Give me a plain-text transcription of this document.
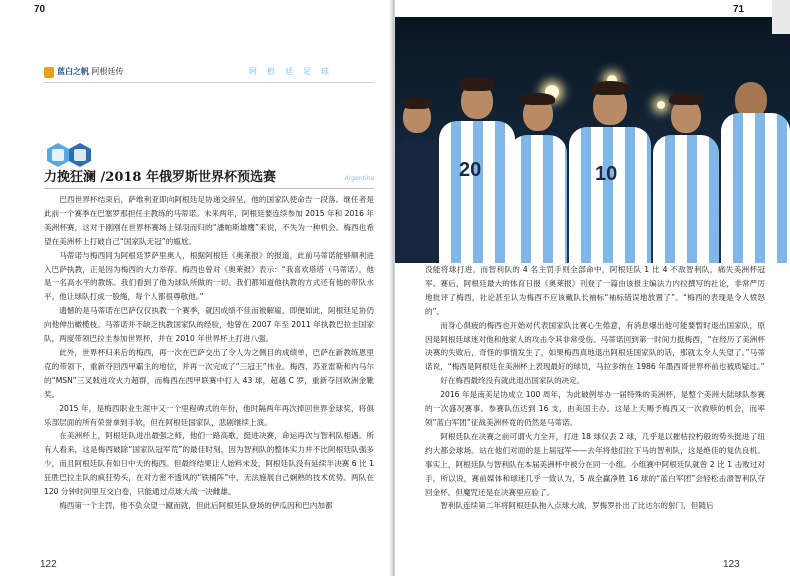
70
蓝白之帆 阿根廷传	阿根廷足球
力挽狂澜 /2018 年俄罗斯世界杯预选赛	Argentina

巴西世界杯结束后，萨维利亚即向阿根廷足协递交辞呈，他的国家队使命告一段落。继任者是此前一个赛季在巴塞罗那担任主教练的马蒂诺。未来两年，阿根廷要连续参加 2015 年和 2016 年美洲杯赛，这对于刚刚在世界杯赛场上铩羽而归的“潘帕斯雄鹰”来说，不失为一种机会。梅西也希望在美洲杯上打破自己“国家队无冠”的尴尬。

马蒂诺与梅西同为阿根廷罗萨里奥人，根据阿根廷《奥莱报》的报道，此前马蒂诺能够顺利进入巴萨执教，正是因为梅西的大力举荐。梅西也曾对《奥莱报》表示：“我喜欢塔塔（马蒂诺），他是一名高水平的教练。我们看到了他为球队所做的一切。我们都知道他执教的方式还有他的带队水平。他让球队打成一股绳，每个人都很尊敬他。”

遗憾的是马蒂诺在巴萨仅仅执教一个赛季，就因成绩不佳而被解雇，即便如此，阿根廷足协仍向他伸出橄榄枝。马蒂诺并不缺乏执教国家队的经验，他曾在 2007 年至 2011 年执教巴拉圭国家队，两度带领巴拉圭参加世界杯，并在 2010 年世界杯上打进八强。

此外，世界杯归来后的梅西，再一次在巴萨交出了令人为之侧目的成绩单，巴萨在新教练恩里克的带领下，重新夺回西甲霸主的地位，并再一次完成了“三冠王”伟业。梅西、苏亚雷斯和内马尔的“MSN”三叉戟进攻火力超群，而梅西在西甲联赛中打入 43 球，超越 C 罗，重新夺回欧洲金靴奖。

2015 年，是梅西职业生涯中又一个里程碑式的年份，他时隔两年再次捧回世界金球奖，将俱乐部层面的所有荣誉拿到手软，但在阿根廷国家队，悲剧继续上演。

在美洲杯上，阿根廷队进出最强之师，他们一路高歌，挺进决赛，命运再次与智利队相遇。所有人看来，这是梅西破除“国家队冠军荒”的最佳时刻，因为智利队的整体实力并不比阿根廷队强多少，而且阿根廷队有如日中天的梅西。但最终结果让人始料未及，阿根廷队没有延续半决赛 6 比 1 狂胜巴拉圭队的疯狂势头，在对方密不透风的“铁桶阵”中，无法施展自己娴熟的技术优势。两队在 120 分钟时间里互交白卷，只能通过点球大战一决雌雄。

梅西第一个主罚，他不负众望一蹴而就，但此后阿根廷队登场的伊瓜因和巴内加都

122
71
20	10

没能将球打进，而智利队的 4 名主罚手则全部命中，阿根廷队 1 比 4 不敌智利队，痛失美洲杯冠军。赛后，阿根廷最大的体育日报《奥莱报》刊登了一篇由该报主编法力内拉撰写的社论，非常严厉地批评了梅西，社论甚至认为梅西不应该戴队长袖标“袖标错误地放置了”。“梅西的表现是令人愤怒的”。

而身心俱疲的梅西也开始对代表国家队比赛心生倦意，有消息爆出他可能要暂时退出国家队，原因是阿根廷球迷对他和他家人的攻击令其非常受伤。马蒂诺回到第一时间力挺梅西，“在经历了美洲杯决赛的失败后，奇怪的事情发生了，如果梅西真地退出阿根廷国家队的话，那就太令人失望了。”马蒂诺说，“梅西是阿根廷在美洲杯上表现最好的球员，马拉多纳在 1986 年墨西哥世界杯前也被质疑过。”

好在梅西最终没有就此退出国家队的决定。

2016 年是南美足协成立 100 周年，为此破例举办一届特殊的美洲杯，是整个美洲大陆球队参赛的一次盛况赛事。参赛队伍达到 16 支，由美国主办。这是上天赐予梅西又一次救赎的机会，而率领“蓝白军团”征战美洲杯竟的仍然是马蒂诺。

阿根廷队在决赛之前可谓火力全开，打进 18 球仅丢 2 球，几乎是以摧枯拉朽般的势头挺进了纽约大都会球场。站在他们对面的是上届冠军——去年将他们拉下马的智利队，这是绝佳的复仇良机。事实上，阿根廷队与智利队在本届美洲杯中被分在同一小组。小组赛中阿根廷队就曾 2 比 1 击败过对手，所以说，赛前媒体和球迷几乎一致认为，5 战全赢净胜 16 球的“蓝白军团”会轻松击溃智利队夺回金杯。但魔咒还是在决赛里应验了。

智利队连续第二年将阿根廷队拖入点球大战，罗梅罗扑出了比达尔的射门，但随后

123
